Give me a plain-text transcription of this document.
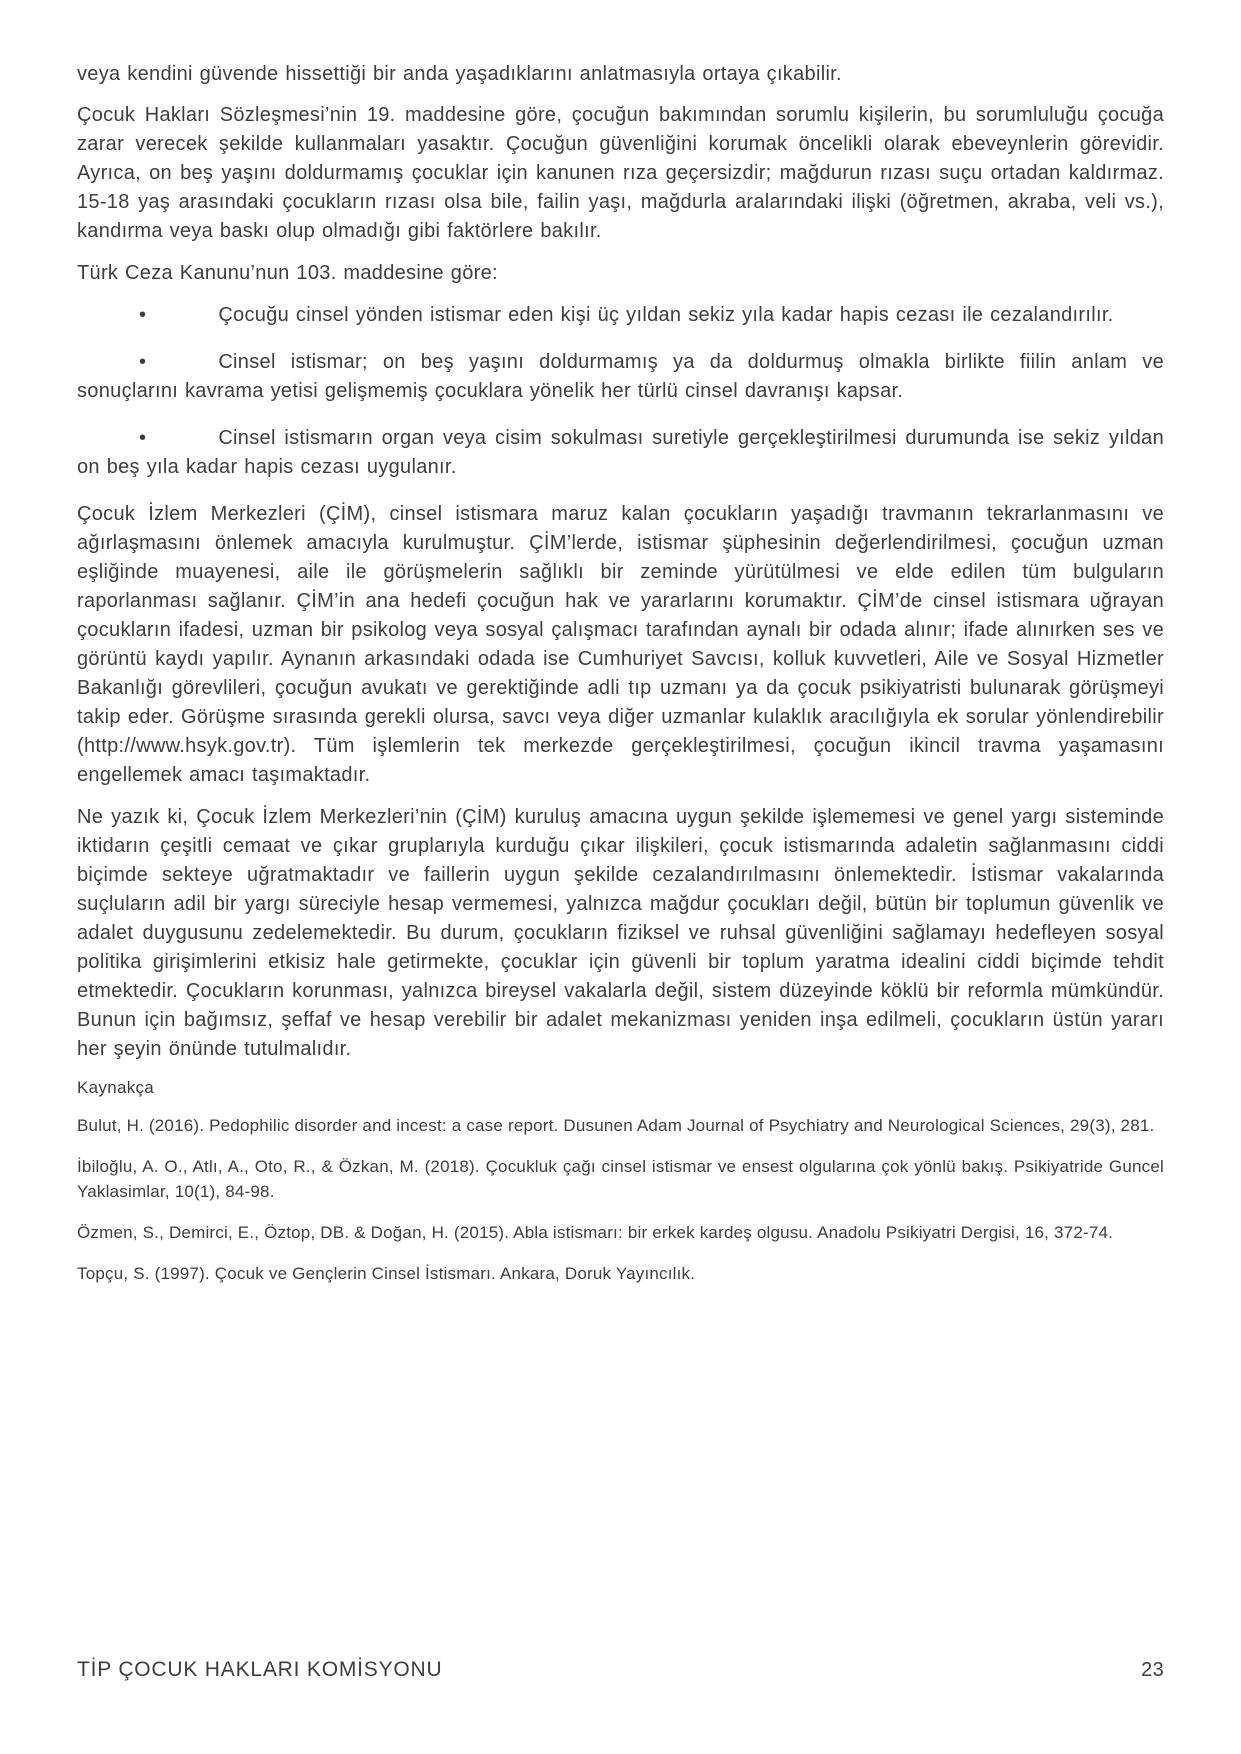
veya kendini güvende hissettiği bir anda yaşadıklarını anlatmasıyla ortaya çıkabilir.

Çocuk Hakları Sözleşmesi’nin 19. maddesine göre, çocuğun bakımından sorumlu kişilerin, bu sorumluluğu çocuğa zarar verecek şekilde kullanmaları yasaktır. Çocuğun güvenliğini korumak öncelikli olarak ebeveynlerin görevidir. Ayrıca, on beş yaşını doldurmamış çocuklar için kanunen rıza geçersizdir; mağdurun rızası suçu ortadan kaldırmaz. 15-18 yaş arasındaki çocukların rızası olsa bile, failin yaşı, mağdurla aralarındaki ilişki (öğretmen, akraba, veli vs.), kandırma veya baskı olup olmadığı gibi faktörlere bakılır.

Türk Ceza Kanunu’nun 103. maddesine göre:

•	Çocuğu cinsel yönden istismar eden kişi üç yıldan sekiz yıla kadar hapis cezası ile cezalandırılır.

•	Cinsel istismar; on beş yaşını doldurmamış ya da doldurmuş olmakla birlikte fiilin anlam ve sonuçlarını kavrama yetisi gelişmemiş çocuklara yönelik her türlü cinsel davranışı kapsar.

•	Cinsel istismarın organ veya cisim sokulması suretiyle gerçekleştirilmesi durumunda ise sekiz yıldan on beş yıla kadar hapis cezası uygulanır.

Çocuk İzlem Merkezleri (ÇİM), cinsel istismara maruz kalan çocukların yaşadığı travmanın tekrarlanmasını ve ağırlaşmasını önlemek amacıyla kurulmuştur. ÇİM’lerde, istismar şüphesinin değerlendirilmesi, çocuğun uzman eşliğinde muayenesi, aile ile görüşmelerin sağlıklı bir zeminde yürütülmesi ve elde edilen tüm bulguların raporlanması sağlanır. ÇİM’in ana hedefi çocuğun hak ve yararlarını korumaktır. ÇİM’de cinsel istismara uğrayan çocukların ifadesi, uzman bir psikolog veya sosyal çalışmacı tarafından aynalı bir odada alınır; ifade alınırken ses ve görüntü kaydı yapılır. Aynanın arkasındaki odada ise Cumhuriyet Savcısı, kolluk kuvvetleri, Aile ve Sosyal Hizmetler Bakanlığı görevlileri, çocuğun avukatı ve gerektiğinde adli tıp uzmanı ya da çocuk psikiyatristi bulunarak görüşmeyi takip eder. Görüşme sırasında gerekli olursa, savcı veya diğer uzmanlar kulaklık aracılığıyla ek sorular yönlendirebilir (http://www.hsyk.gov.tr). Tüm işlemlerin tek merkezde gerçekleştirilmesi, çocuğun ikincil travma yaşamasını engellemek amacı taşımaktadır.

Ne yazık ki, Çocuk İzlem Merkezleri’nin (ÇİM) kuruluş amacına uygun şekilde işlememesi ve genel yargı sisteminde iktidarın çeşitli cemaat ve çıkar gruplarıyla kurduğu çıkar ilişkileri, çocuk istismarında adaletin sağlanmasını ciddi biçimde sekteye uğratmaktadır ve faillerin uygun şekilde cezalandırılmasını önlemektedir. İstismar vakalarında suçluların adil bir yargı süreciyle hesap vermemesi, yalnızca mağdur çocukları değil, bütün bir toplumun güvenlik ve adalet duygusunu zedelemektedir. Bu durum, çocukların fiziksel ve ruhsal güvenliğini sağlamayı hedefleyen sosyal politika girişimlerini etkisiz hale getirmekte, çocuklar için güvenli bir toplum yaratma idealini ciddi biçimde tehdit etmektedir. Çocukların korunması, yalnızca bireysel vakalarla değil, sistem düzeyinde köklü bir reformla mümkündür. Bunun için bağımsız, şeffaf ve hesap verebilir bir adalet mekanizması yeniden inşa edilmeli, çocukların üstün yararı her şeyin önünde tutulmalıdır.

Kaynakça

Bulut, H. (2016). Pedophilic disorder and incest: a case report. Dusunen Adam Journal of Psychiatry and Neurological Sciences, 29(3), 281.

İbiloğlu, A. O., Atlı, A., Oto, R., & Özkan, M. (2018). Çocukluk çağı cinsel istismar ve ensest olgularına çok yönlü bakış. Psikiyatride Guncel Yaklasimlar, 10(1), 84-98.

Özmen, S., Demirci, E., Öztop, DB. & Doğan, H. (2015). Abla istismarı: bir erkek kardeş olgusu. Anadolu Psikiyatri Dergisi, 16, 372-74.

Topçu, S. (1997). Çocuk ve Gençlerin Cinsel İstismarı. Ankara, Doruk Yayıncılık.

TİP ÇOCUK HAKLARI KOMİSYONU	23
